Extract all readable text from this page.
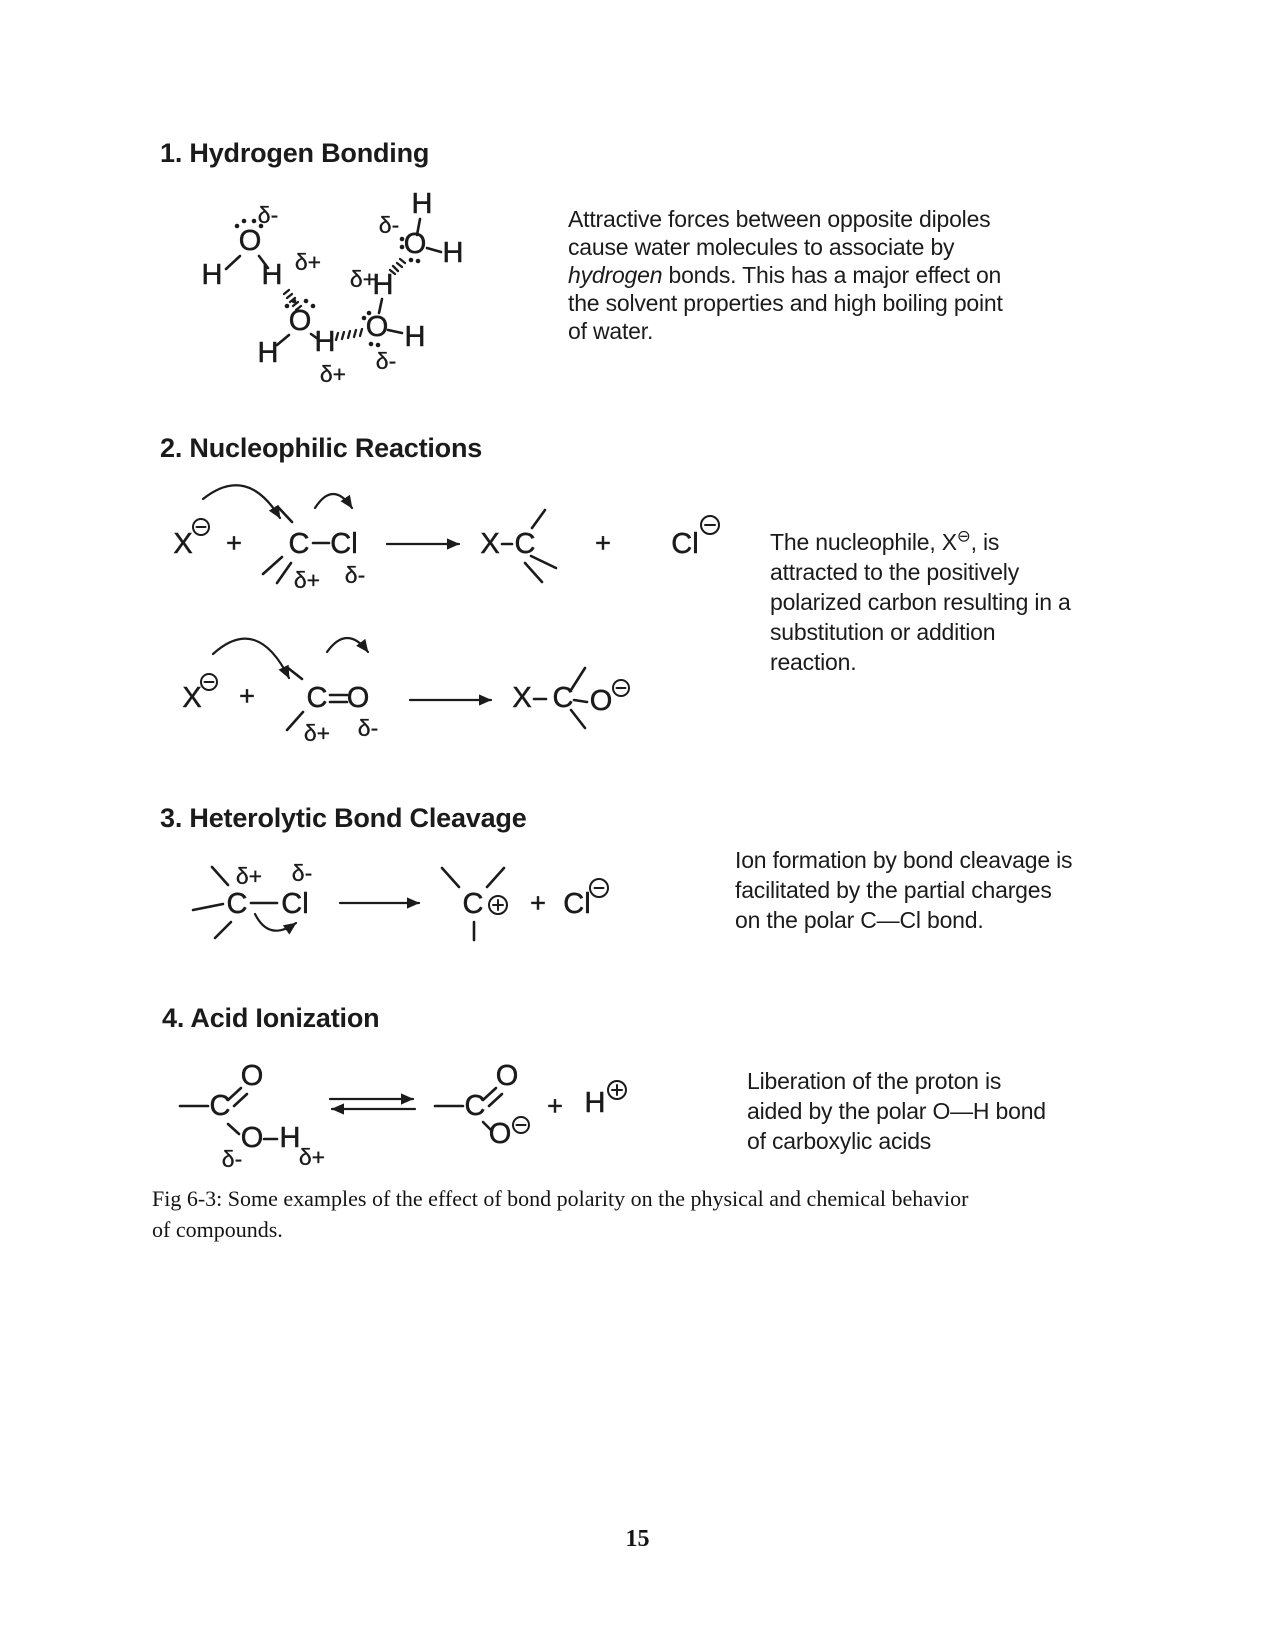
1. Hydrogen Bonding
O
H H
δ-
δ+
O
H H
δ+
O
H
H
δ-
δ+
O
H
H
δ-	Attractive forces between opposite dipoles
cause water molecules to associate by
hydrogen bonds. This has a major effect on
the solvent properties and high boiling point
of water.
2. Nucleophilic Reactions
X + C Cl
δ+ δ-
X C + Cl	The nucleophile, X⊖, is
attracted to the positively
polarized carbon resulting in a
substitution or addition
reaction.
X + C O
δ+ δ-
X C O
3. Heterolytic Bond Cleavage
Ion formation by bond cleavage is
facilitated by the partial charges
on the polar C—Cl bond.
δ+ δ-
C Cl	C + Cl
4. Acid Ionization
Liberation of the proton is
aided by the polar O—H bond
of carboxylic acids
C
O
O H
δ- δ+
C
O
O
+ H
Fig 6-3: Some examples of the effect of bond polarity on the physical and chemical behavior
of compounds.
15
